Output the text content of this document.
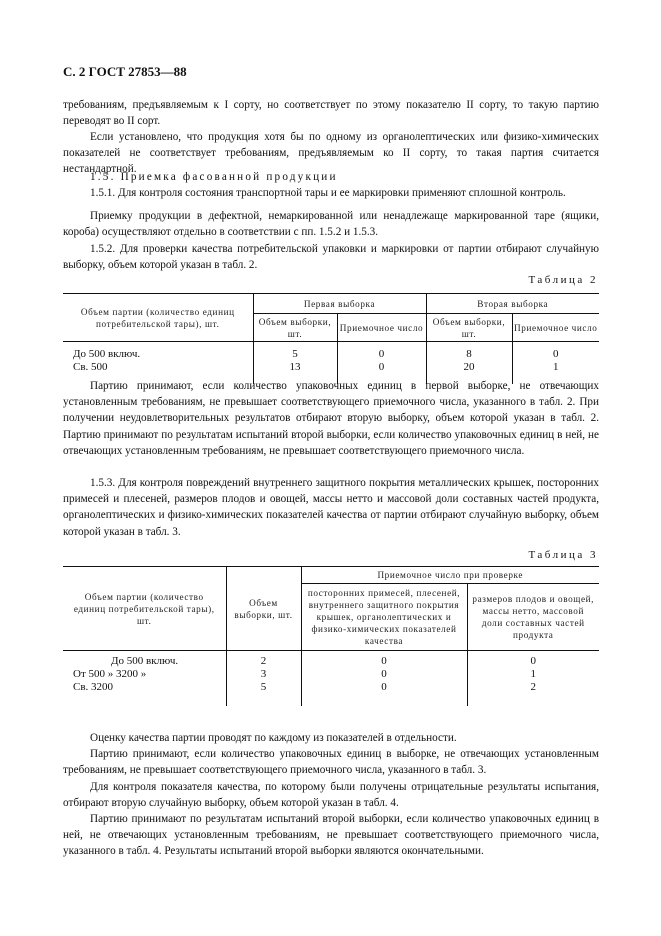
С. 2 ГОСТ 27853—88
требованиям, предъявляемым к I сорту, но соответствует по этому показателю II сорту, то такую партию переводят во II сорт.
Если установлено, что продукция хотя бы по одному из органолептических или физико-химических показателей не соответствует требованиям, предъявляемым ко II сорту, то такая партия считается нестандартной.
1.5. Приемка фасованной продукции
1.5.1. Для контроля состояния транспортной тары и ее маркировки применяют сплошной контроль.
Приемку продукции в дефектной, немаркированной или ненадлежаще маркированной таре (ящики, короба) осуществляют отдельно в соответствии с пп. 1.5.2 и 1.5.3.
1.5.2. Для проверки качества потребительской упаковки и маркировки от партии отбирают случайную выборку, объем которой указан в табл. 2.
Таблица 2
Объем партии (количество единиц потребительской тары), шт.	Первая выборка		Вторая выборка	
	Объем выборки, шт.	Приемочное число	Объем выборки, шт.	Приемочное число
До 500 включ.	5	0	8	0
Св. 500	13	0	20	1
Партию принимают, если количество упаковочных единиц в первой выборке, не отвечающих установленным требованиям, не превышает соответствующего приемочного числа, указанного в табл. 2. При получении неудовлетворительных результатов отбирают вторую выборку, объем которой указан в табл. 2. Партию принимают по результатам испытаний второй выборки, если количество упаковочных единиц в ней, не отвечающих установленным требованиям, не превышает соответствующего приемочного числа.
1.5.3. Для контроля повреждений внутреннего защитного покрытия металлических крышек, посторонних примесей и плесеней, размеров плодов и овощей, массы нетто и массовой доли составных частей продукта, органолептических и физико-химических показателей качества от партии отбирают случайную выборку, объем которой указан в табл. 3.
Таблица 3
Объем партии (количество единиц потребительской тары), шт.	Объем выборки, шт.	Приемочное число при проверке	
		посторонних примесей, плесеней, внутреннего защитного покрытия крышек, органолептических и физико-химических показателей качества	размеров плодов и овощей, массы нетто, массовой доли составных частей продукта
До 500 включ.	2	0	0
От 500 » 3200 »	3	0	1
Св. 3200	5	0	2
Оценку качества партии проводят по каждому из показателей в отдельности.
Партию принимают, если количество упаковочных единиц в выборке, не отвечающих установленным требованиям, не превышает соответствующего приемочного числа, указанного в табл. 3.
Для контроля показателя качества, по которому были получены отрицательные результаты испытания, отбирают вторую случайную выборку, объем которой указан в табл. 4.
Партию принимают по результатам испытаний второй выборки, если количество упаковочных единиц в ней, не отвечающих установленным требованиям, не превышает соответствующего приемочного числа, указанного в табл. 4. Результаты испытаний второй выборки являются окончательными.
